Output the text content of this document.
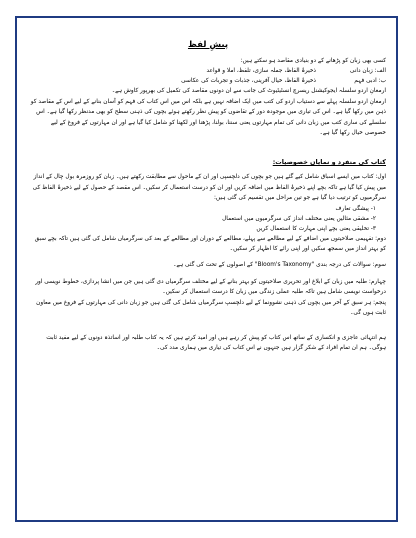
پیشِ لفظ
کسی بھی زبان کو پڑھانے کے دو بنیادی مقاصد ہو سکتے ہیں:
الف: زبان دانی
ذخیرۂ الفاظ، جملہ سازی، تلفظ، املا و قواعد
ب: ادبی فہم
ذخیرۂ الفاظ، خیال آفرینی، جذبات و تجربات کی عکاسی
ارمغانِ اردو سلسلہ ایجوکیشنل ریسرچ انسٹیٹیوٹ کی جانب سے ان دونوں مقاصد کی تکمیل کی بھرپور کاوش ہے۔
ارمغانِ اردو سلسلہ پہلے سے دستیاب اردو کی کتب میں ایک اضافہ نہیں ہے بلکہ اس میں اس کتاب کی فہم کو آسان بنانے کے لیے اس کے مقاصد کو ذہن میں رکھا گیا ہے۔ اس کی تیاری میں موجودہ دور کے تقاضوں کو پیش نظر رکھتے ہوئے بچوں کی ذہنی سطح کو بھی مدنظر رکھا گیا ہے۔ اس سلسلے کی ساری کتب میں زبان دانی کی تمام مہارتوں یعنی سننا، بولنا، پڑھنا اور لکھنا کو شامل کیا گیا ہے اور ان مہارتوں کے فروغ کے لیے خصوصی خیال رکھا گیا ہے۔
کتاب کی منفرد و نمایاں خصوصیات:
اول: کتاب میں ایسے اسباق شامل کیے گئے ہیں جو بچوں کی دلچسپی اور ان کے ماحول سے مطابقت رکھتے ہیں۔ زبان کو روزمرہ بول چال کے انداز میں پیش کیا گیا ہے تاکہ بچے اپنے ذخیرۂ الفاظ میں اضافہ کریں اور ان کو درست استعمال کر سکیں۔ اس مقصد کے حصول کے لیے ذخیرۂ الفاظ کی سرگرمیوں کو ترتیب دیا گیا ہے جو تین مراحل میں تقسیم کی گئی ہیں:
۱- پیشگی تعارف
۲- مشقی مثالیں یعنی مختلف انداز کی سرگرمیوں میں استعمال
۳- تخلیقی یعنی بچے اپنی مہارت کا استعمال کریں
دوم: تفہیمی صلاحیتوں میں اضافے کے لیے مطالعے سے پہلے، مطالعے کے دوران اور مطالعے کے بعد کی سرگرمیاں شامل کی گئی ہیں تاکہ بچے سبق کو بہتر انداز میں سمجھ سکیں اور اپنی رائے کا اظہار کر سکیں۔
سوم: سوالات کی درجہ بندی "Bloom's Taxonomy" کے اصولوں کے تحت کی گئی ہے۔
چہارم: طلبہ میں زبان کے ابلاغ اور تحریری صلاحیتوں کو بہتر بنانے کے لیے مختلف سرگرمیاں دی گئی ہیں جن میں انشا پردازی، خطوط نویسی اور درخواست نویسی شامل ہیں تاکہ طلبہ عملی زندگی میں زبان کا درست استعمال کر سکیں۔
پنجم: ہر سبق کے آخر میں بچوں کی ذہنی نشوونما کے لیے دلچسپ سرگرمیاں شامل کی گئی ہیں جو زبان دانی کی مہارتوں کے فروغ میں معاون ثابت ہوں گی۔
ہم انتہائی عاجزی و انکساری کے ساتھ اس کتاب کو پیش کر رہے ہیں اور امید کرتے ہیں کہ یہ کتاب طلبہ اور اساتذہ دونوں کے لیے مفید ثابت ہوگی۔ ہم ان تمام افراد کے شکر گزار ہیں جنہوں نے اس کتاب کی تیاری میں ہماری مدد کی۔
